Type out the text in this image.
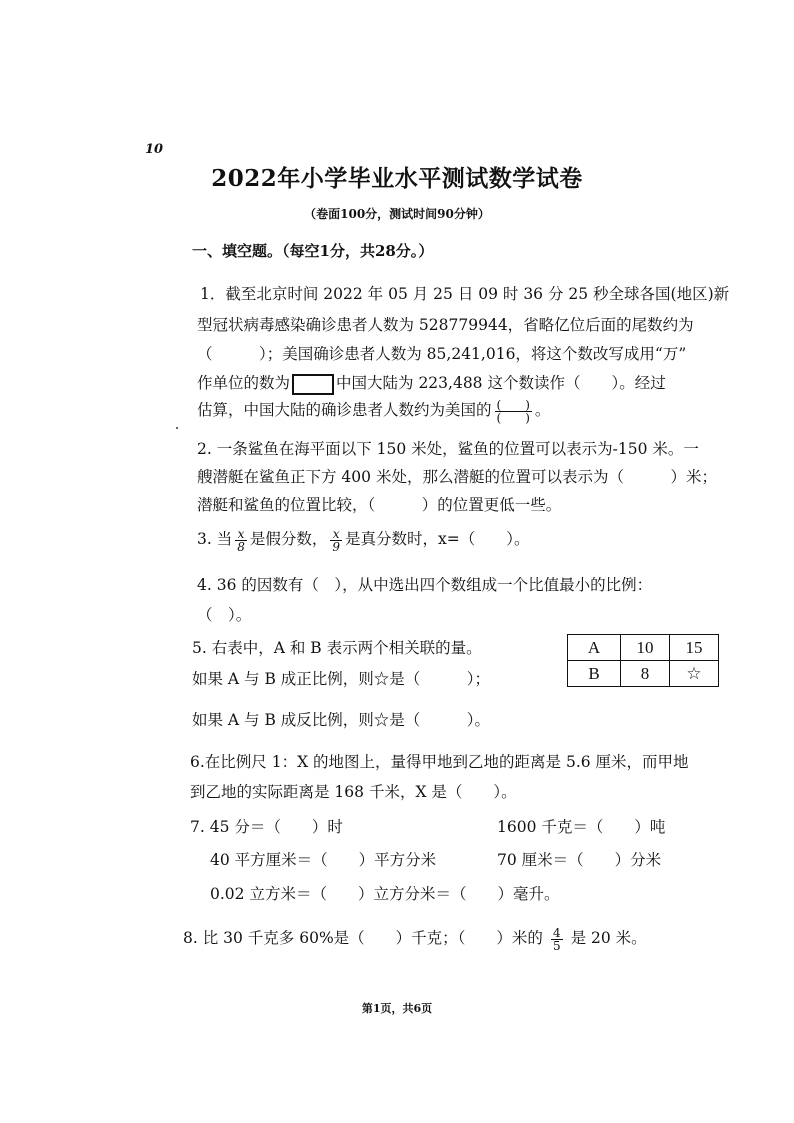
10
2022年小学毕业水平测试数学试卷
（卷面100分，测试时间90分钟）
一、填空题。（每空1分，共28分。）
1．截至北京时间 2022 年 05 月 25 日 09 时 36 分 25 秒全球各国(地区)新
型冠状病毒感染确诊患者人数为 528779944，省略亿位后面的尾数约为
（　　　）；美国确诊患者人数为 85,241,016，将这个数改写成用“万”
作单位的数为	中国大陆为 223,488 这个数读作（　　）。经过
估算，中国大陆的确诊患者人数约为美国的 $\frac{( )}{( )}$ 。
2. 一条鲨鱼在海平面以下 150 米处，鲨鱼的位置可以表示为-150 米。一
艘潜艇在鲨鱼正下方 400 米处，那么潜艇的位置可以表示为（　　　）米；
潜艇和鲨鱼的位置比较，（　　　）的位置更低一些。
3. 当 $\frac{x}{8}$ 是假分数， $\frac{x}{9}$ 是真分数时，x=（　　）。
4. 36 的因数有（　），从中选出四个数组成一个比值最小的比例：
（　）。
5. 右表中，A 和 B 表示两个相关联的量。
如果 A 与 B 成正比例，则☆是（　　　）；
A	10	15
B	8	☆
如果 A 与 B 成反比例，则☆是（　　　）。
6.在比例尺 1：X 的地图上，量得甲地到乙地的距离是 5.6 厘米，而甲地
到乙地的实际距离是 168 千米，X 是（　　）。
7. 45 分＝（　　）时	1600 千克＝（　　）吨
40 平方厘米＝（　　）平方分米	70 厘米＝（　　）分米
0.02 立方米＝（　　）立方分米＝（　　）毫升。
8. 比 30 千克多 60%是（　　）千克；（　　）米的 $\frac{4}{5}$ 是 20 米。
第1页，共6页
